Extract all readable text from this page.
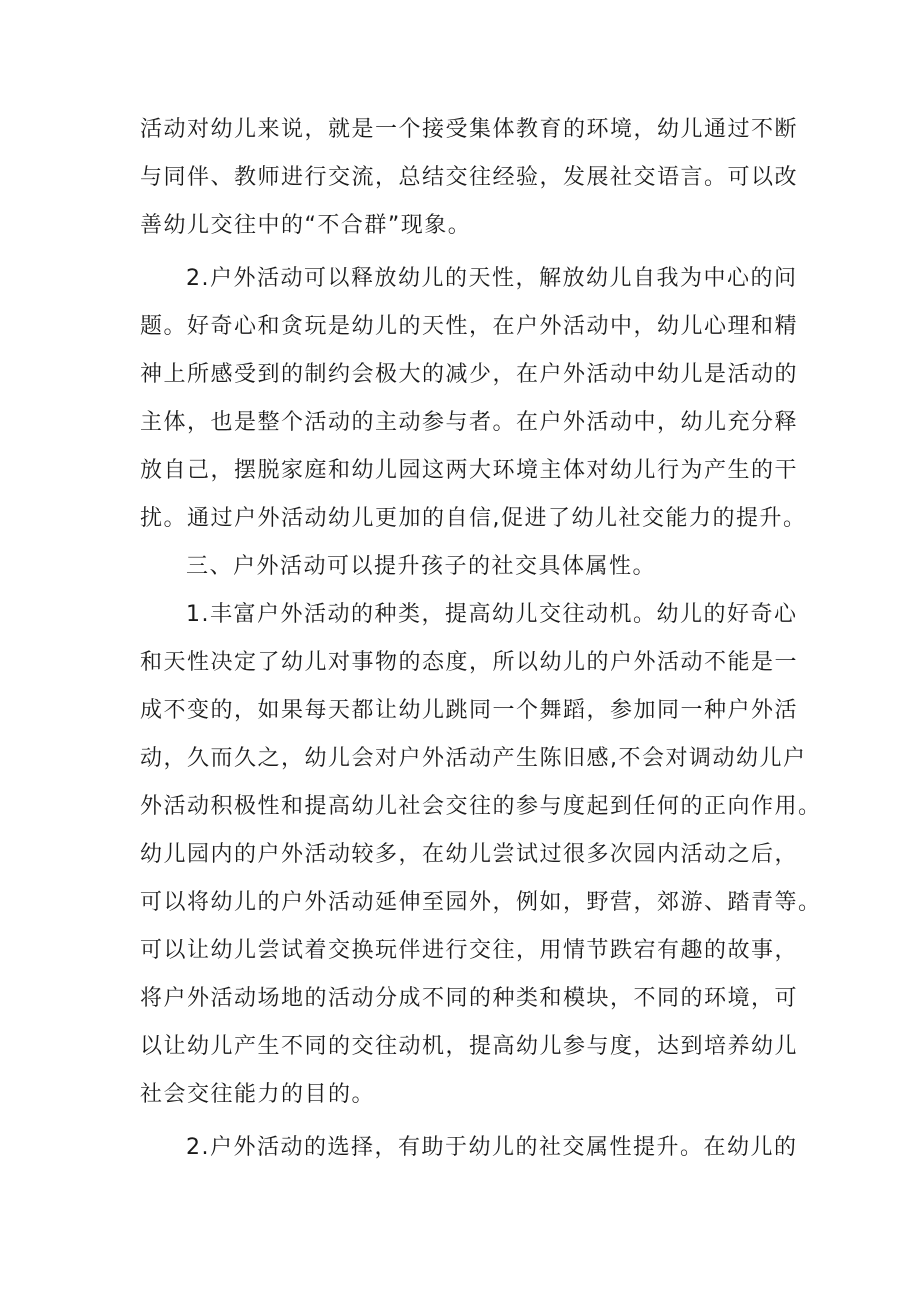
活动对幼儿来说，就是一个接受集体教育的环境，幼儿通过不断
与同伴、教师进行交流，总结交往经验，发展社交语言。可以改
善幼儿交往中的“不合群”现象。
2.户外活动可以释放幼儿的天性，解放幼儿自我为中心的问
题。好奇心和贪玩是幼儿的天性，在户外活动中，幼儿心理和精
神上所感受到的制约会极大的减少，在户外活动中幼儿是活动的
主体，也是整个活动的主动参与者。在户外活动中，幼儿充分释
放自己，摆脱家庭和幼儿园这两大环境主体对幼儿行为产生的干
扰。通过户外活动幼儿更加的自信,促进了幼儿社交能力的提升。
三、户外活动可以提升孩子的社交具体属性。
1.丰富户外活动的种类，提高幼儿交往动机。幼儿的好奇心
和天性决定了幼儿对事物的态度，所以幼儿的户外活动不能是一
成不变的，如果每天都让幼儿跳同一个舞蹈，参加同一种户外活
动，久而久之，幼儿会对户外活动产生陈旧感,不会对调动幼儿户
外活动积极性和提高幼儿社会交往的参与度起到任何的正向作用。
幼儿园内的户外活动较多，在幼儿尝试过很多次园内活动之后，
可以将幼儿的户外活动延伸至园外，例如，野营，郊游、踏青等。
可以让幼儿尝试着交换玩伴进行交往，用情节跌宕有趣的故事，
将户外活动场地的活动分成不同的种类和模块，不同的环境，可
以让幼儿产生不同的交往动机，提高幼儿参与度，达到培养幼儿
社会交往能力的目的。
2.户外活动的选择，有助于幼儿的社交属性提升。在幼儿的
